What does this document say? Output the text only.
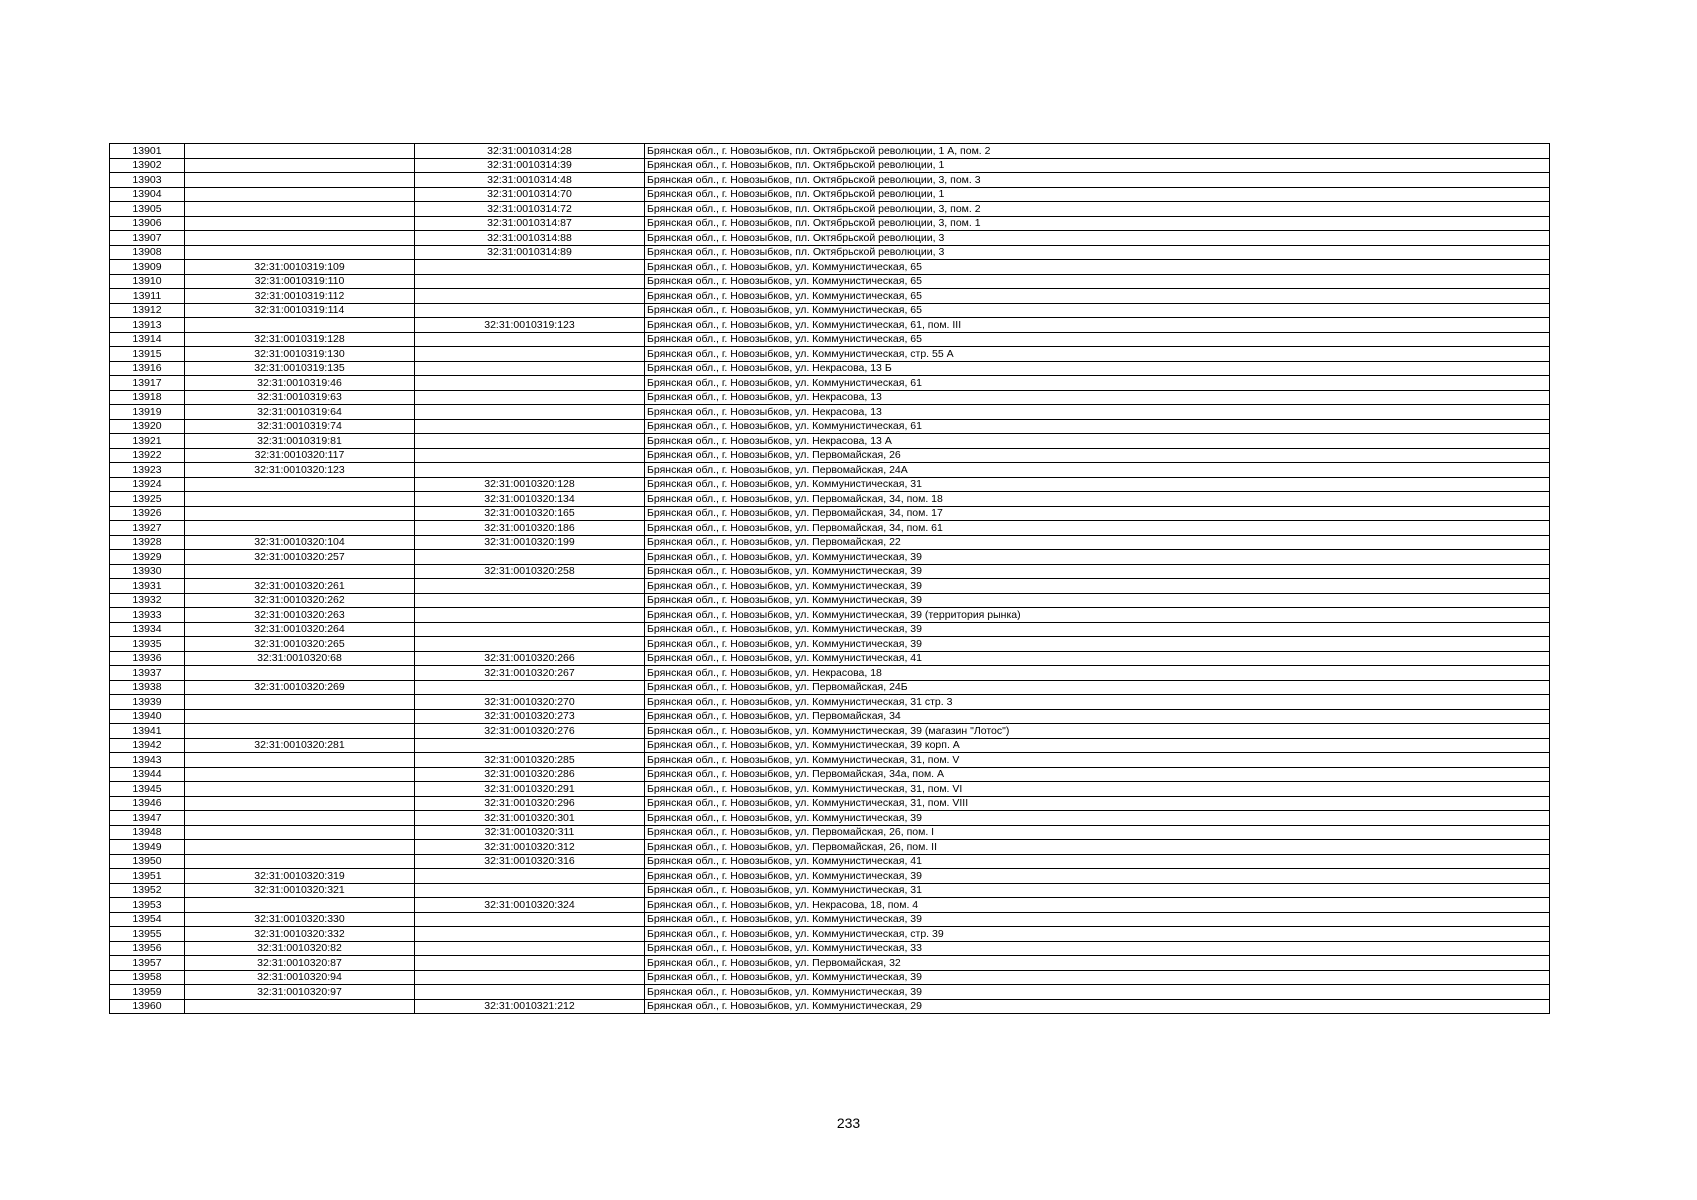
13901		32:31:0010314:28	Брянская обл., г. Новозыбков, пл. Октябрьской революции, 1 А, пом. 2
13902		32:31:0010314:39	Брянская обл., г. Новозыбков, пл. Октябрьской революции, 1
13903		32:31:0010314:48	Брянская обл., г. Новозыбков, пл. Октябрьской революции, 3, пом. 3
13904		32:31:0010314:70	Брянская обл., г. Новозыбков, пл. Октябрьской революции, 1
13905		32:31:0010314:72	Брянская обл., г. Новозыбков, пл. Октябрьской революции, 3, пом. 2
13906		32:31:0010314:87	Брянская обл., г. Новозыбков, пл. Октябрьской революции, 3, пом. 1
13907		32:31:0010314:88	Брянская обл., г. Новозыбков, пл. Октябрьской революции, 3
13908		32:31:0010314:89	Брянская обл., г. Новозыбков, пл. Октябрьской революции, 3
13909	32:31:0010319:109		Брянская обл., г. Новозыбков, ул. Коммунистическая, 65
13910	32:31:0010319:110		Брянская обл., г. Новозыбков, ул. Коммунистическая, 65
13911	32:31:0010319:112		Брянская обл., г. Новозыбков, ул. Коммунистическая, 65
13912	32:31:0010319:114		Брянская обл., г. Новозыбков, ул. Коммунистическая, 65
13913		32:31:0010319:123	Брянская обл., г. Новозыбков, ул. Коммунистическая, 61, пом. III
13914	32:31:0010319:128		Брянская обл., г. Новозыбков, ул. Коммунистическая, 65
13915	32:31:0010319:130		Брянская обл., г. Новозыбков, ул. Коммунистическая, стр. 55 А
13916	32:31:0010319:135		Брянская обл., г. Новозыбков, ул. Некрасова, 13 Б
13917	32:31:0010319:46		Брянская обл., г. Новозыбков, ул. Коммунистическая, 61
13918	32:31:0010319:63		Брянская обл., г. Новозыбков, ул. Некрасова, 13
13919	32:31:0010319:64		Брянская обл., г. Новозыбков, ул. Некрасова, 13
13920	32:31:0010319:74		Брянская обл., г. Новозыбков, ул. Коммунистическая, 61
13921	32:31:0010319:81		Брянская обл., г. Новозыбков, ул. Некрасова, 13 А
13922	32:31:0010320:117		Брянская обл., г. Новозыбков, ул. Первомайская, 26
13923	32:31:0010320:123		Брянская обл., г. Новозыбков, ул. Первомайская, 24А
13924		32:31:0010320:128	Брянская обл., г. Новозыбков, ул. Коммунистическая, 31
13925		32:31:0010320:134	Брянская обл., г. Новозыбков, ул. Первомайская, 34, пом. 18
13926		32:31:0010320:165	Брянская обл., г. Новозыбков, ул. Первомайская, 34, пом. 17
13927		32:31:0010320:186	Брянская обл., г. Новозыбков, ул. Первомайская, 34, пом. 61
13928	32:31:0010320:104	32:31:0010320:199	Брянская обл., г. Новозыбков, ул. Первомайская, 22
13929	32:31:0010320:257		Брянская обл., г. Новозыбков, ул. Коммунистическая, 39
13930		32:31:0010320:258	Брянская обл., г. Новозыбков, ул. Коммунистическая, 39
13931	32:31:0010320:261		Брянская обл., г. Новозыбков, ул. Коммунистическая, 39
13932	32:31:0010320:262		Брянская обл., г. Новозыбков, ул. Коммунистическая, 39
13933	32:31:0010320:263		Брянская обл., г. Новозыбков, ул. Коммунистическая, 39 (территория рынка)
13934	32:31:0010320:264		Брянская обл., г. Новозыбков, ул. Коммунистическая, 39
13935	32:31:0010320:265		Брянская обл., г. Новозыбков, ул. Коммунистическая, 39
13936	32:31:0010320:68	32:31:0010320:266	Брянская обл., г. Новозыбков, ул. Коммунистическая, 41
13937		32:31:0010320:267	Брянская обл., г. Новозыбков, ул. Некрасова, 18
13938	32:31:0010320:269		Брянская обл., г. Новозыбков, ул. Первомайская, 24Б
13939		32:31:0010320:270	Брянская обл., г. Новозыбков, ул. Коммунистическая, 31 стр. 3
13940		32:31:0010320:273	Брянская обл., г. Новозыбков, ул. Первомайская, 34
13941		32:31:0010320:276	Брянская обл., г. Новозыбков, ул. Коммунистическая, 39 (магазин "Лотос")
13942	32:31:0010320:281		Брянская обл., г. Новозыбков, ул. Коммунистическая, 39 корп. А
13943		32:31:0010320:285	Брянская обл., г. Новозыбков, ул. Коммунистическая, 31, пом. V
13944		32:31:0010320:286	Брянская обл., г. Новозыбков, ул. Первомайская, 34а, пом. А
13945		32:31:0010320:291	Брянская обл., г. Новозыбков, ул. Коммунистическая, 31, пом. VI
13946		32:31:0010320:296	Брянская обл., г. Новозыбков, ул. Коммунистическая, 31, пом. VIII
13947		32:31:0010320:301	Брянская обл., г. Новозыбков, ул. Коммунистическая, 39
13948		32:31:0010320:311	Брянская обл., г. Новозыбков, ул. Первомайская, 26, пом. I
13949		32:31:0010320:312	Брянская обл., г. Новозыбков, ул. Первомайская, 26, пом. II
13950		32:31:0010320:316	Брянская обл., г. Новозыбков, ул. Коммунистическая, 41
13951	32:31:0010320:319		Брянская обл., г. Новозыбков, ул. Коммунистическая, 39
13952	32:31:0010320:321		Брянская обл., г. Новозыбков, ул. Коммунистическая, 31
13953		32:31:0010320:324	Брянская обл., г. Новозыбков, ул. Некрасова, 18, пом. 4
13954	32:31:0010320:330		Брянская обл., г. Новозыбков, ул. Коммунистическая, 39
13955	32:31:0010320:332		Брянская обл., г. Новозыбков, ул. Коммунистическая, стр. 39
13956	32:31:0010320:82		Брянская обл., г. Новозыбков, ул. Коммунистическая, 33
13957	32:31:0010320:87		Брянская обл., г. Новозыбков, ул. Первомайская, 32
13958	32:31:0010320:94		Брянская обл., г. Новозыбков, ул. Коммунистическая, 39
13959	32:31:0010320:97		Брянская обл., г. Новозыбков, ул. Коммунистическая, 39
13960		32:31:0010321:212	Брянская обл., г. Новозыбков, ул. Коммунистическая, 29
233
